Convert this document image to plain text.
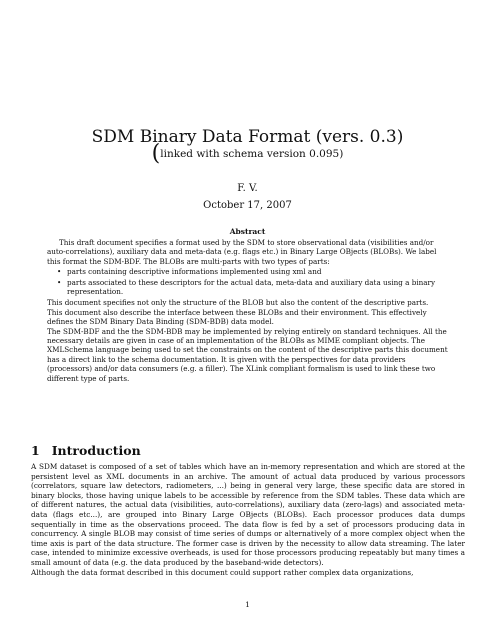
SDM Binary Data Format (vers. 0.3)

(linked with schema version 0.095)

F. V.
October 17, 2007
Abstract

This draft document specifies a format used by the SDM to store observational data (visibilities and/or auto-correlations), auxiliary data and meta-data (e.g. flags etc.) in Binary Large OBjects (BLOBs). We label this format the SDM-BDF. The BLOBs are multi-parts with two types of parts:

• parts containing descriptive informations implemented using xml and
• parts associated to these descriptors for the actual data, meta-data and auxiliary data using a binary representation.

This document specifies not only the structure of the BLOB but also the content of the descriptive parts.

This document also describe the interface between these BLOBs and their environment. This effectively defines the SDM Binary Data Binding (SDM-BDB) data model.

The SDM-BDF and the the SDM-BDB may be implemented by relying entirely on standard techniques. All the necessary details are given in case of an implementation of the BLOBs as MIME compliant objects. The XMLSchema language being used to set the constraints on the content of the descriptive parts this document has a direct link to the schema documentation. It is given with the perspectives for data providers (processors) and/or data consumers (e.g. a filler). The XLink compliant formalism is used to link these two different type of parts.

1 Introduction

A SDM dataset is composed of a set of tables which have an in-memory representation and which are stored at the persistent level as XML documents in an archive. The amount of actual data produced by various processors (correlators, square law detectors, radiometers, ...) being in general very large, these specific data are stored in binary blocks, those having unique labels to be accessible by reference from the SDM tables. These data which are of different natures, the actual data (visibilities, auto-correlations), auxiliary data (zero-lags) and associated meta-data (flags etc...), are grouped into Binary Large OBjects (BLOBs). Each processor produces data dumps sequentially in time as the observations proceed. The data flow is fed by a set of processors producing data in concurrency. A single BLOB may consist of time series of dumps or alternatively of a more complex object when the time axis is part of the data structure. The former case is driven by the necessity to allow data streaming. The later case, intended to minimize excessive overheads, is used for those processors producing repeatably but many times a small amount of data (e.g. the data produced by the baseband-wide detectors).

Although the data format described in this document could support rather complex data organizations,

1
